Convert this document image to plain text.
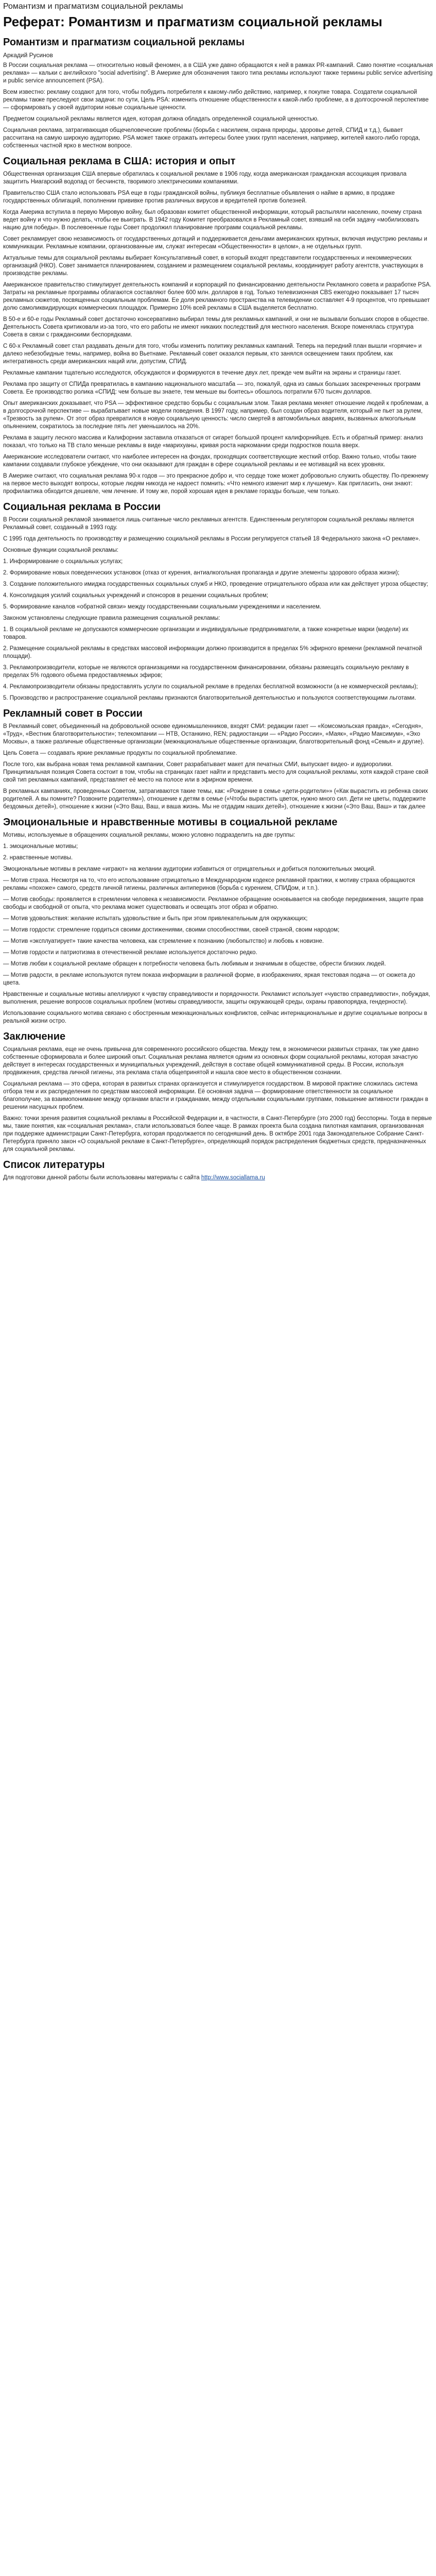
Романтизм и прагматизм социальной рекламы
Реферат: Романтизм и прагматизм социальной рекламы
Романтизм и прагматизм социальной рекламы
Аркадий Русинов

В России социальная реклама — относительно новый феномен, а в США уже давно обращаются к ней в рамках PR-кампаний. Само понятие «социальная реклама» — кальки с английского "social advertising". В Америке для обозначения такого типа рекламы используют также термины public service advertising и public service announcement (PSA).

Всем известно: рекламу создают для того, чтобы побудить потребителя к какому-либо действию, например, к покупке товара. Создатели социальной рекламы также преследуют свои задачи: по сути, Цель PSA: изменить отношение общественности к какой-либо проблеме, а в долгосрочной перспективе — сформировать у своей аудитории новые социальные ценности.

Предметом социальной рекламы является идея, которая должна обладать определенной социальной ценностью.

Социальная реклама, затрагивающая общечеловеческие проблемы (борьба с насилием, охрана природы, здоровье детей, СПИД и т.д.), бывает рассчитана на самую широкую аудиторию. PSA может также отражать интересы более узких групп населения, например, жителей какого-либо города, собственных частной ярко в местном вопросе.

Социальная реклама в США: история и опыт

Общественная организация США впервые обратилась к социальной рекламе в 1906 году, когда американская гражданская ассоциация призвала защитить Ниагарский водопад от бесчинств, творимого электрическими компаниями.

Правительство США стало использовать PSA еще в годы гражданской войны, публикуя бесплатные объявления о найме в армию, в продаже государственных облигаций, пополнении прививке против различных вирусов и вредителей против болезней.

Когда Америка вступила в первую Мировую войну, был образован комитет общественной информации, который распыляли населению, почему страна ведет войну и что нужно делать, чтобы ее выиграть. В 1942 году Комитет преобразовался в Рекламный совет, взявший на себя задачу «мобилизовать нацию для победы». В послевоенные годы Совет продолжил планирование программ социальной рекламы.

Совет рекламирует свою независимость от государственных дотаций и поддерживается деньгами американских крупных, включая индустрию рекламы и коммуникации. Рекламные компании, организованные им, служат интересам «Общественности» в целом», а не отдельных групп.

Актуальные темы для социальной рекламы выбирает Консультативный совет, в который входят представители государственных и некоммерческих организаций (НКО). Совет занимается планированием, созданием и размещением социальной рекламы, координирует работу агентств, участвующих в производстве рекламы.

Американское правительство стимулирует деятельность компаний и корпораций по финансированию деятельности Рекламного совета и разработке PSA. Затраты на рекламные программы облагаются составляют более 600 млн. долларов в год. Только телевизионная СВS ежегодно показывает 17 тысяч рекламных сюжетов, посвященных социальным проблемам. Ее доля рекламного пространства на телевидении составляет 4-9 процентов, что превышает долю самоликвидирующих коммерческих площадок. Примерно 10% всей рекламы в США выделяется бесплатно.

В 50-е и 60-е годы Рекламный совет достаточно консервативно выбирал темы для рекламных кампаний, и они не вызывали больших споров в обществе. Деятельность Совета критиковали из-за того, что его работы не имеют никаких последствий для местного населения. Вскоре поменялась структура Совета в связи с гражданскими беспорядками.

С 60-х Рекламный совет стал раздавать деньги для того, чтобы изменить политику рекламных кампаний. Теперь на передний план вышли «горячие» и далеко небезобидные темы, например, война во Вьетнаме. Рекламный совет оказался первым, кто занялся освещением таких проблем, как интегративность среди американских наций или, допустим, СПИД.

Рекламные кампании тщательно исследуются, обсуждаются и формируются в течение двух лет, прежде чем выйти на экраны и страницы газет.

Реклама про защиту от СПИДа превратилась в кампанию национального масштаба — это, пожалуй, одна из самых больших засекреченных программ Совета. Ее производство ролика «СПИД: чем больше вы знаете, тем меньше вы боитесь» обошлось потратили 670 тысяч долларов.

Опыт американских доказывает, что PSA — эффективное средство борьбы с социальным злом. Такая реклама меняет отношение людей к проблемам, а в долгосрочной перспективе — вырабатывает новые модели поведения. В 1997 году, например, был создан образ водителя, который не пьет за рулем, «Трезвость за рулем». От этот образ превратился в новую социальную ценность: число смертей в автомобильных авариях, вызванных алкогольным опьянением, сократилось за последние пять лет уменьшилось на 20%.

Реклама в защиту лесного массива и Калифорнии заставила отказаться от сигарет большой процент калифорнийцев. Есть и обратный пример: анализ показал, что только на ТВ стало меньше рекламы в виде «марихуаны, кривая роста наркомании среди подростков пошла вверх.

Американские исследователи считают, что наиболее интересен на фондах, проходящих соответствующие жесткий отбор. Важно только, чтобы такие кампании создавали глубокое убеждение, что они оказывают для граждан в сфере социальной рекламы и ее мотиваций на всех уровнях.

В Америке считают, что социальная реклама 90-х годов — это прекрасное добро и, что сердце тоже может добровольно служить обществу. По-прежнему на первое место выходят вопросы, которые людям никогда не надоест помнить: «Что немного изменит мир к лучшему». Как пригласить, они знают: профилактика обходится дешевле, чем лечение. И тому же, порой хорошая идея в рекламе горазды больше, чем только.

Социальная реклама в России

В России социальной рекламой занимается лишь считанные число рекламных агентств. Единственным регулятором социальной рекламы является Рекламный совет, созданный в 1993 году.

С 1995 года деятельность по производству и размещению социальной рекламы в России регулируется статьей 18 Федерального закона «О рекламе».

Основные функции социальной рекламы:

1. Информирование о социальных услугах;

2. Формирование новых поведенческих установок (отказ от курения, антиалкогольная пропаганда и другие элементы здорового образа жизни);

3. Создание положительного имиджа государственных социальных служб и НКО, проведение отрицательного образа или как действует угроза обществу;

4. Консолидация усилий социальных учреждений и спонсоров в решении социальных проблем;

5. Формирование каналов «обратной связи» между государственными социальными учреждениями и населением.

Законом установлены следующие правила размещения социальной рекламы:

1. В социальной рекламе не допускаются коммерческие организации и индивидуальные предприниматели, а также конкретные марки (модели) их товаров.

2. Размещение социальной рекламы в средствах массовой информации должно производится в пределах 5% эфирного времени (рекламной печатной площади).

3. Рекламопроизводители, которые не являются организациями на государственном финансировании, обязаны размещать социальную рекламу в пределах 5% годового объема предоставляемых эфиров;

4. Рекламопроизводители обязаны предоставлять услуги по социальной рекламе в пределах бесплатной возможности (а не коммерческой рекламы);

5. Производство и распространение социальной рекламы признаются благотворительной деятельностью и пользуются соответствующими льготами.

Рекламный совет в России

В Рекламный совет, объединенный на добровольной основе единомышленников, входят СМИ: редакции газет — «Комсомольская правда», «Сегодня», «Труд», «Вестник благотворительности»; телекомпании — НТВ, Останкино, REN; радиостанции — «Радио России», «Маяк», «Радио Максимум», «Эхо Москвы», а также различные общественные организации (межнациональные общественные организации, благотворительный фонд «Семья» и другие).

Цель Совета — создавать яркие рекламные продукты по социальной проблематике.

После того, как выбрана новая тема рекламной кампании, Совет разрабатывает макет для печатных СМИ, выпускает видео- и аудиоролики. Принципиальная позиция Совета состоит в том, чтобы на страницах газет найти и представить место для социальной рекламы, хотя каждой стране свой свой тип рекламных кампаний, представляет её место на полосе или в эфирном времени.

В рекламных кампаниях, проведенных Советом, затрагиваются такие темы, как: «Рождение в семье «дети-родители»» («Как вырастить из ребенка своих родителей. А вы помните? Позвоните родителям»), отношение к детям в семье («Чтобы вырастить цветок, нужно много сил. Дети не цветы, поддержите бездомных детей»), отношение к жизни («Это Ваш, Ваш, и ваша жизнь. Мы не отдадим наших детей»), отношение к жизни («Это Ваш, Ваш» и так далее

Эмоциональные и нравственные мотивы в социальной рекламе

Мотивы, используемые в обращениях социальной рекламы, можно условно подразделить на две группы:

1. эмоциональные мотивы;

2. нравственные мотивы.

Эмоциональные мотивы в рекламе «играют» на желании аудитории избавиться от отрицательных и добиться положительных эмоций.

— Мотив страха. Несмотря на то, что его использование отрицательно в Международном кодексе рекламной практики, к мотиву страха обращаются рекламы «похоже» самого, средств личной гигиены, различных антиперинов (борьба с курением, СПИДом, и т.п.).

— Мотив свободы: проявляется в стремлении человека к независимости. Рекламное обращение основывается на свободе передвижения, защите прав свободы и свободной от опыта, что реклама может существовать и освещать этот образ и обратно.

— Мотив удовольствия: желание испытать удовольствие и быть при этом привлекательным для окружающих;

— Мотив гордости: стремление гордиться своими достижениями, своими способностями, своей страной, своим народом;

— Мотив «эксплуатирует» такие качества человека, как стремление к познанию (любопытство) и любовь к новизне.

— Мотив гордости и патриотизма в отечественной рекламе используется достаточно редко.

— Мотив любви к социальной рекламе обращен к потребности человека быть любимым и значимым в обществе, обрести близких людей.

— Мотив радости, в рекламе используются путем показа информации в различной форме, в изображениях, яркая текстовая подача — от сюжета до цвета.

Нравственные и социальные мотивы апеллируют к чувству справедливости и порядочности. Рекламист использует «чувство справедливости», побуждая, выполнения, решение вопросов социальных проблем (мотивы справедливости, защиты окружающей среды, охраны правопорядка, гендерности).

Использование социального мотива связано с обостренным межнациональных конфликтов, сейчас интернациональные и другие социальные вопросы в реальной жизни остро.

Заключение

Социальная реклама, еще не очень привычна для современного российского общества. Между тем, в экономически развитых странах, так уже давно собственные сформировала и более широкий опыт. Социальная реклама является одним из основных форм социальной рекламы, которая зачастую действует в интересах государственных и муниципальных учреждений, действуя в составе общей коммуникативной среды. В России, используя продвижения, средства личной гигиены, эта реклама стала общепринятой и нашла свое место в общественном сознании.

Социальная реклама — это сфера, которая в развитых странах организуется и стимулируется государством. В мировой практике сложилась система отбора тем и их распределения по средствам массовой информации. Её основная задача — формирование ответственности за социальное благополучие, за взаимопонимание между органами власти и гражданами, между отдельными социальными группами, повышение активности граждан в решении насущных проблем.

Важно: точки зрения развития социальной рекламы в Российской Федерации и, в частности, в Санкт-Петербурге (это 2000 год) бесспорны. Тогда в первые мы, такие понятия, как «социальная реклама», стали использоваться более чаще. В рамках проекта была создана пилотная кампания, организованная при поддержке администрации Санкт-Петербурга, которая продолжается по сегодняшний день. В октябре 2001 года Законодательное Собрание Санкт-Петербурга приняло закон «О социальной рекламе в Санкт-Петербурге», определяющий порядок распределения бюджетных средств, предназначенных для социальной рекламы.

Список литературы
Для подготовки данной работы были использованы материалы с сайта http://www.sociallama.ru
